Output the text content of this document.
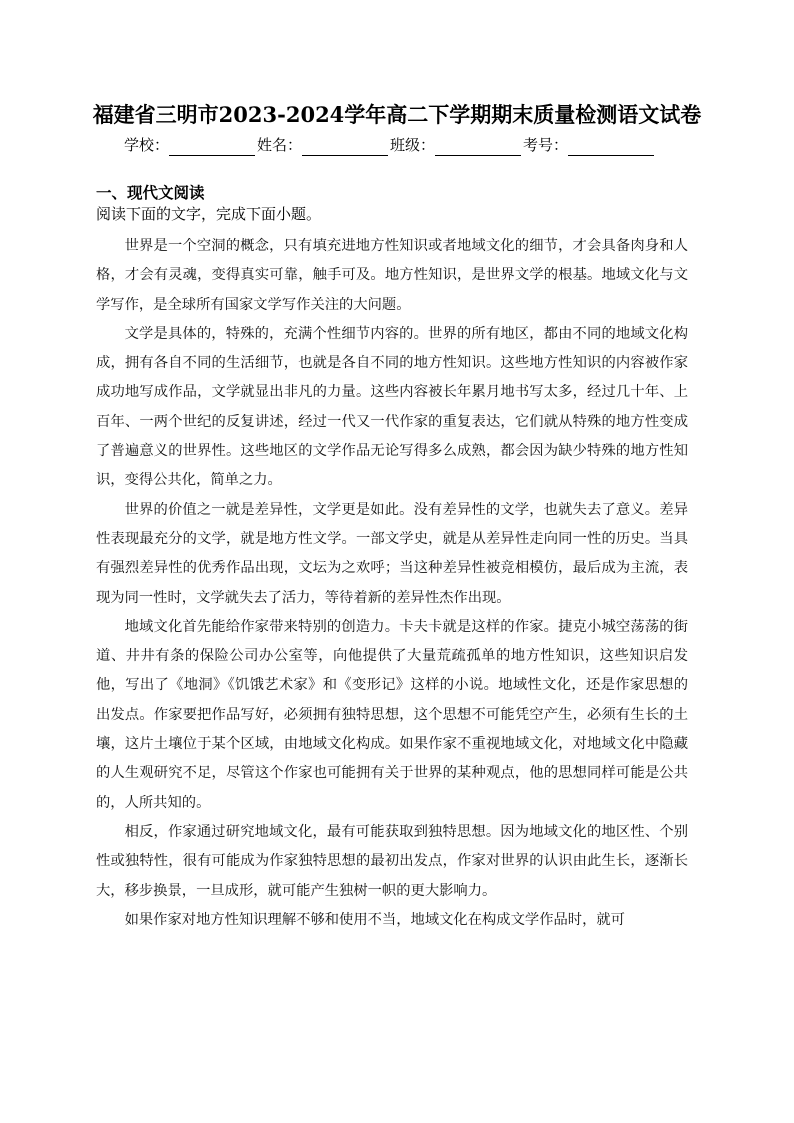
福建省三明市2023-2024学年高二下学期期末质量检测语文试卷
学校：	姓名：	班级：	考号：
一、现代文阅读
阅读下面的文字，完成下面小题。

世界是一个空洞的概念，只有填充进地方性知识或者地域文化的细节，才会具备肉身和人格，才会有灵魂，变得真实可靠，触手可及。地方性知识，是世界文学的根基。地域文化与文学写作，是全球所有国家文学写作关注的大问题。

文学是具体的，特殊的，充满个性细节内容的。世界的所有地区，都由不同的地域文化构成，拥有各自不同的生活细节，也就是各自不同的地方性知识。这些地方性知识的内容被作家成功地写成作品，文学就显出非凡的力量。这些内容被长年累月地书写太多，经过几十年、上百年、一两个世纪的反复讲述，经过一代又一代作家的重复表达，它们就从特殊的地方性变成了普遍意义的世界性。这些地区的文学作品无论写得多么成熟，都会因为缺少特殊的地方性知识，变得公共化，简单之力。

世界的价值之一就是差异性，文学更是如此。没有差异性的文学，也就失去了意义。差异性表现最充分的文学，就是地方性文学。一部文学史，就是从差异性走向同一性的历史。当具有强烈差异性的优秀作品出现，文坛为之欢呼；当这种差异性被竞相模仿，最后成为主流，表现为同一性时，文学就失去了活力，等待着新的差异性杰作出现。

地域文化首先能给作家带来特别的创造力。卡夫卡就是这样的作家。捷克小城空荡荡的街道、井井有条的保险公司办公室等，向他提供了大量荒疏孤单的地方性知识，这些知识启发他，写出了《地洞》《饥饿艺术家》和《变形记》这样的小说。地域性文化，还是作家思想的出发点。作家要把作品写好，必须拥有独特思想，这个思想不可能凭空产生，必须有生长的土壤，这片土壤位于某个区域，由地域文化构成。如果作家不重视地域文化，对地域文化中隐藏的人生观研究不足，尽管这个作家也可能拥有关于世界的某种观点，他的思想同样可能是公共的，人所共知的。

相反，作家通过研究地域文化，最有可能获取到独特思想。因为地域文化的地区性、个别性或独特性，很有可能成为作家独特思想的最初出发点，作家对世界的认识由此生长，逐渐长大，移步换景，一旦成形，就可能产生独树一帜的更大影响力。

如果作家对地方性知识理解不够和使用不当，地域文化在构成文学作品时，就可
